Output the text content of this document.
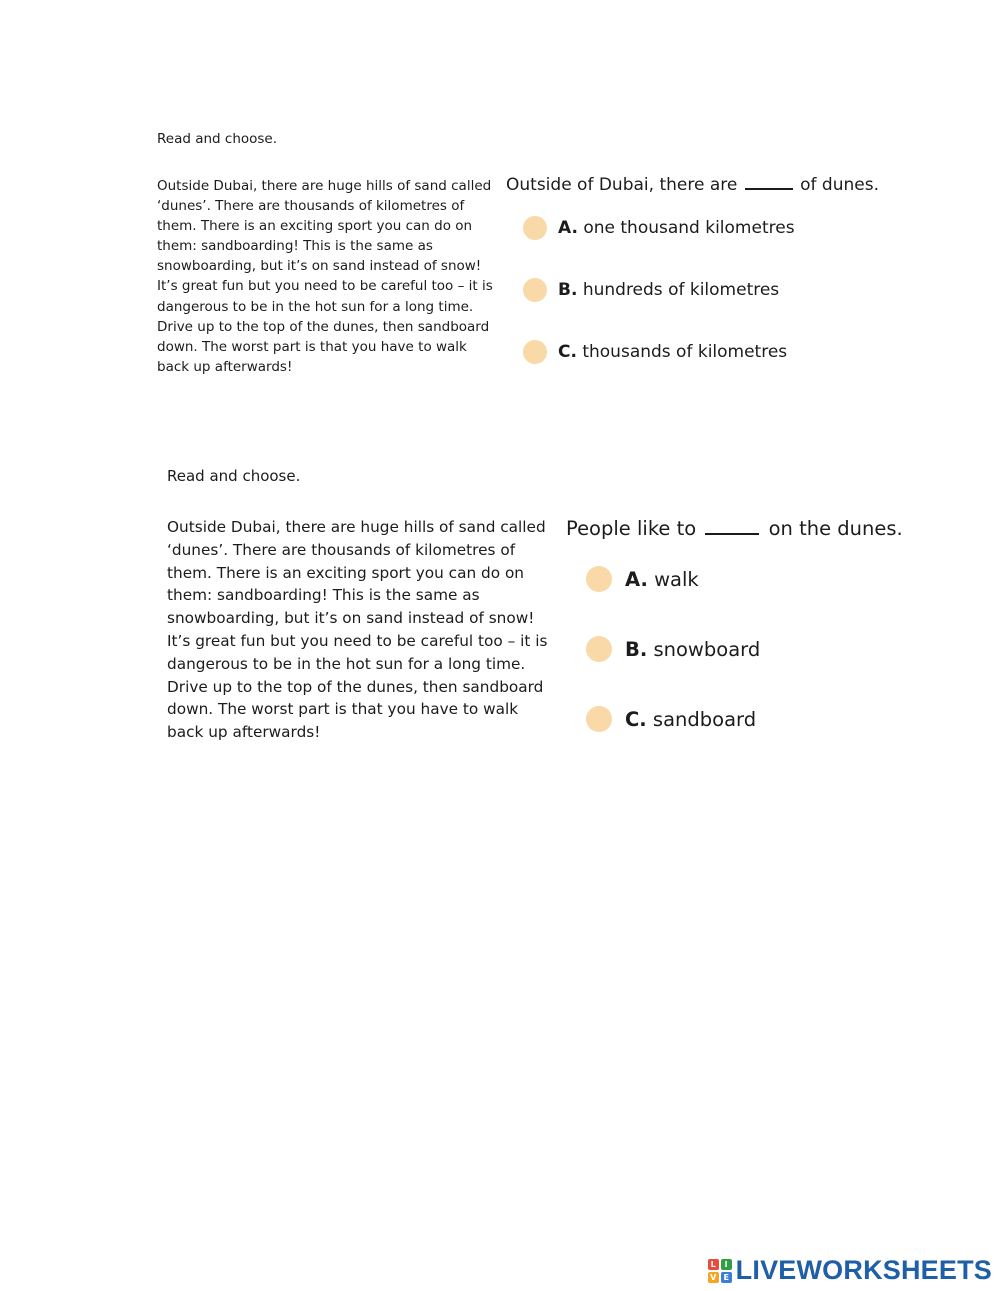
Read and choose.

Outside Dubai, there are huge hills of sand called
‘dunes’. There are thousands of kilometres of
them. There is an exciting sport you can do on
them: sandboarding! This is the same as
snowboarding, but it’s on sand instead of snow!
It’s great fun but you need to be careful too – it is
dangerous to be in the hot sun for a long time.
Drive up to the top of the dunes, then sandboard
down. The worst part is that you have to walk
back up afterwards!

Outside of Dubai, there are	of dunes.
A. one thousand kilometres
B. hundreds of kilometres
C. thousands of kilometres
Read and choose.

Outside Dubai, there are huge hills of sand called
‘dunes’. There are thousands of kilometres of
them. There is an exciting sport you can do on
them: sandboarding! This is the same as
snowboarding, but it’s on sand instead of snow!
It’s great fun but you need to be careful too – it is
dangerous to be in the hot sun for a long time.
Drive up to the top of the dunes, then sandboard
down. The worst part is that you have to walk
back up afterwards!

People like to	on the dunes.
A. walk
B. snowboard
C. sandboard
L	I
V E LIVEWORKSHEETS
